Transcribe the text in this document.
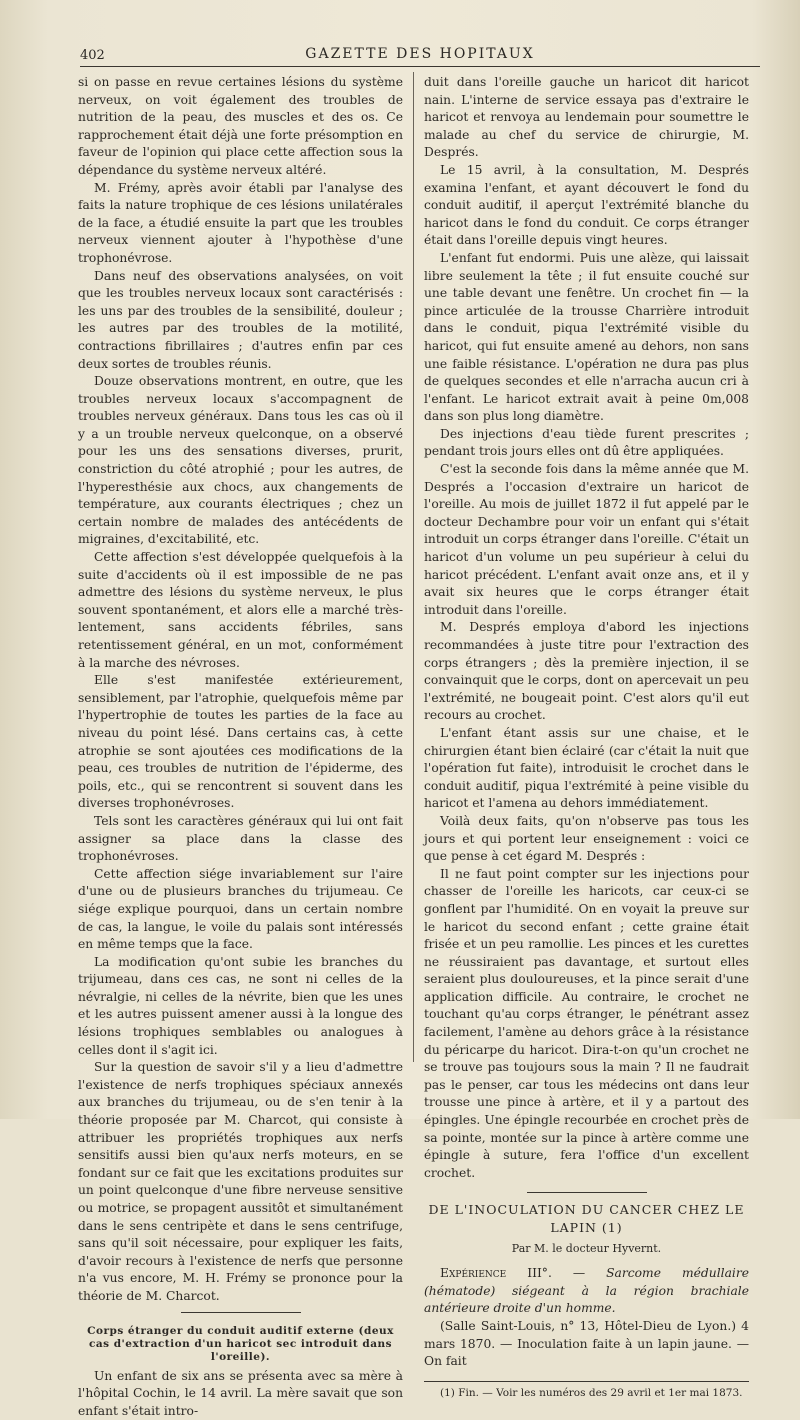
402	GAZETTE DES HOPITAUX

si on passe en revue certaines lésions du système nerveux, on voit également des troubles de nutrition de la peau, des muscles et des os. Ce rapprochement était déjà une forte présomption en faveur de l'opinion qui place cette affection sous la dépendance du système nerveux altéré.

M. Frémy, après avoir établi par l'analyse des faits la nature trophique de ces lésions unilatérales de la face, a étudié ensuite la part que les troubles nerveux viennent ajouter à l'hypothèse d'une trophonévrose.

Dans neuf des observations analysées, on voit que les troubles nerveux locaux sont caractérisés : les uns par des troubles de la sensibilité, douleur ; les autres par des troubles de la motilité, contractions fibrillaires ; d'autres enfin par ces deux sortes de troubles réunis.

Douze observations montrent, en outre, que les troubles nerveux locaux s'accompagnent de troubles nerveux généraux. Dans tous les cas où il y a un trouble nerveux quelconque, on a observé pour les uns des sensations diverses, prurit, constriction du côté atrophié ; pour les autres, de l'hyperesthésie aux chocs, aux changements de température, aux courants électriques ; chez un certain nombre de malades des antécédents de migraines, d'excitabilité, etc.

Cette affection s'est développée quelquefois à la suite d'accidents où il est impossible de ne pas admettre des lésions du système nerveux, le plus souvent spontanément, et alors elle a marché très-lentement, sans accidents fébriles, sans retentissement général, en un mot, conformément à la marche des névroses.

Elle s'est manifestée extérieurement, sensiblement, par l'atrophie, quelquefois même par l'hypertrophie de toutes les parties de la face au niveau du point lésé. Dans certains cas, à cette atrophie se sont ajoutées ces modifications de la peau, ces troubles de nutrition de l'épiderme, des poils, etc., qui se rencontrent si souvent dans les diverses trophonévroses.

Tels sont les caractères généraux qui lui ont fait assigner sa place dans la classe des trophonévroses.

Cette affection siége invariablement sur l'aire d'une ou de plusieurs branches du trijumeau. Ce siége explique pourquoi, dans un certain nombre de cas, la langue, le voile du palais sont intéressés en même temps que la face.

La modification qu'ont subie les branches du trijumeau, dans ces cas, ne sont ni celles de la névralgie, ni celles de la névrite, bien que les unes et les autres puissent amener aussi à la longue des lésions trophiques semblables ou analogues à celles dont il s'agit ici.

Sur la question de savoir s'il y a lieu d'admettre l'existence de nerfs trophiques spéciaux annexés aux branches du trijumeau, ou de s'en tenir à la théorie proposée par M. Charcot, qui consiste à attribuer les propriétés trophiques aux nerfs sensitifs aussi bien qu'aux nerfs moteurs, en se fondant sur ce fait que les excitations produites sur un point quelconque d'une fibre nerveuse sensitive ou motrice, se propagent aussitôt et simultanément dans le sens centripète et dans le sens centrifuge, sans qu'il soit nécessaire, pour expliquer les faits, d'avoir recours à l'existence de nerfs que personne n'a vus encore, M. H. Frémy se prononce pour la théorie de M. Charcot.

Corps étranger du conduit auditif externe (deux cas d'extraction d'un haricot sec introduit dans l'oreille).

Un enfant de six ans se présenta avec sa mère à l'hôpital Cochin, le 14 avril. La mère savait que son enfant s'était intro-

duit dans l'oreille gauche un haricot dit haricot nain. L'interne de service essaya pas d'extraire le haricot et renvoya au lendemain pour soumettre le malade au chef du service de chirurgie, M. Després.

Le 15 avril, à la consultation, M. Després examina l'enfant, et ayant découvert le fond du conduit auditif, il aperçut l'extrémité blanche du haricot dans le fond du conduit. Ce corps étranger était dans l'oreille depuis vingt heures.

L'enfant fut endormi. Puis une alèze, qui laissait libre seulement la tête ; il fut ensuite couché sur une table devant une fenêtre. Un crochet fin — la pince articulée de la trousse Charrière introduit dans le conduit, piqua l'extrémité visible du haricot, qui fut ensuite amené au dehors, non sans une faible résistance. L'opération ne dura pas plus de quelques secondes et elle n'arracha aucun cri à l'enfant. Le haricot extrait avait à peine 0m,008 dans son plus long diamètre.

Des injections d'eau tiède furent prescrites ; pendant trois jours elles ont dû être appliquées.

C'est la seconde fois dans la même année que M. Després a l'occasion d'extraire un haricot de l'oreille. Au mois de juillet 1872 il fut appelé par le docteur Dechambre pour voir un enfant qui s'était introduit un corps étranger dans l'oreille. C'était un haricot d'un volume un peu supérieur à celui du haricot précédent. L'enfant avait onze ans, et il y avait six heures que le corps étranger était introduit dans l'oreille.

M. Després employa d'abord les injections recommandées à juste titre pour l'extraction des corps étrangers ; dès la première injection, il se convainquit que le corps, dont on apercevait un peu l'extrémité, ne bougeait point. C'est alors qu'il eut recours au crochet.

L'enfant étant assis sur une chaise, et le chirurgien étant bien éclairé (car c'était la nuit que l'opération fut faite), introduisit le crochet dans le conduit auditif, piqua l'extrémité à peine visible du haricot et l'amena au dehors immédiatement.

Voilà deux faits, qu'on n'observe pas tous les jours et qui portent leur enseignement : voici ce que pense à cet égard M. Després :

Il ne faut point compter sur les injections pour chasser de l'oreille les haricots, car ceux-ci se gonflent par l'humidité. On en voyait la preuve sur le haricot du second enfant ; cette graine était frisée et un peu ramollie. Les pinces et les curettes ne réussiraient pas davantage, et surtout elles seraient plus douloureuses, et la pince serait d'une application difficile. Au contraire, le crochet ne touchant qu'au corps étranger, le pénétrant assez facilement, l'amène au dehors grâce à la résistance du péricarpe du haricot. Dira-t-on qu'un crochet ne se trouve pas toujours sous la main ? Il ne faudrait pas le penser, car tous les médecins ont dans leur trousse une pince à artère, et il y a partout des épingles. Une épingle recourbée en crochet près de sa pointe, montée sur la pince à artère comme une épingle à suture, fera l'office d'un excellent crochet.

DE L'INOCULATION DU CANCER CHEZ LE LAPIN (1)
Par M. le docteur Hyvernt.

Expérience III°. — Sarcome médullaire (hématode) siégeant à la région brachiale antérieure droite d'un homme.

(Salle Saint-Louis, n° 13, Hôtel-Dieu de Lyon.) 4 mars 1870. — Inoculation faite à un lapin jaune. — On fait

(1) Fin. — Voir les numéros des 29 avril et 1er mai 1873.
